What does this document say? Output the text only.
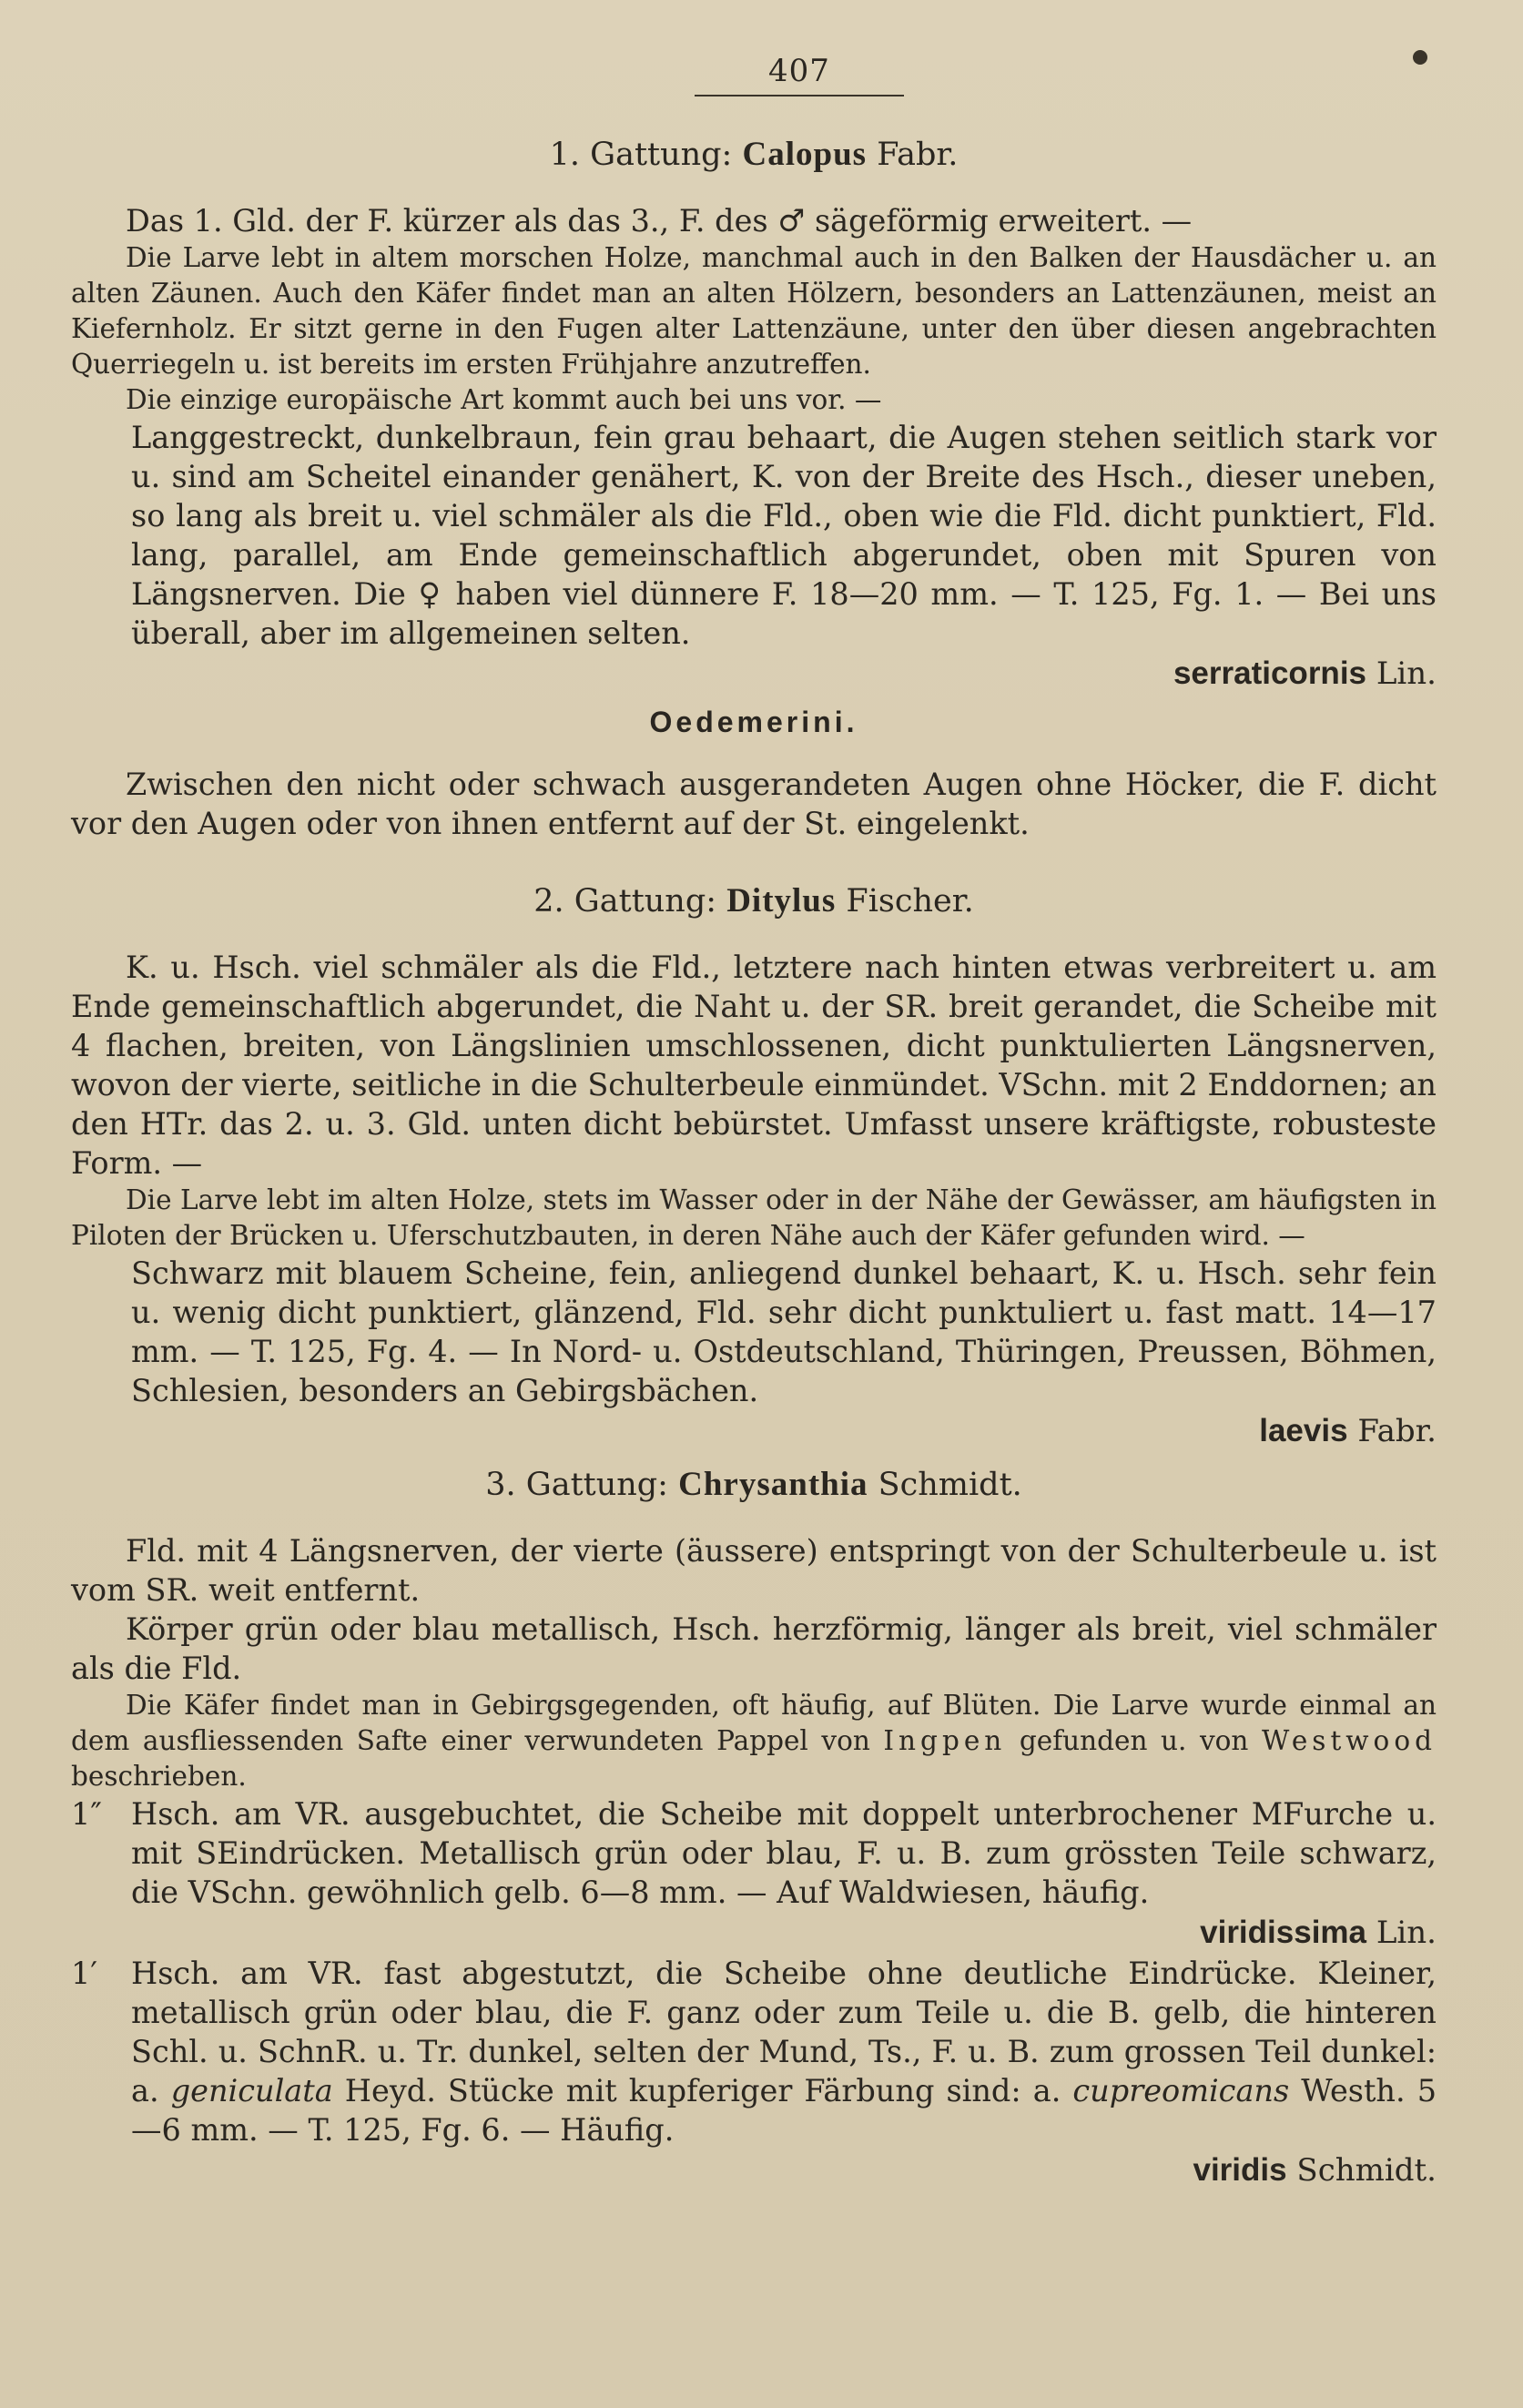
407
1. Gattung: Calopus Fabr.

Das 1. Gld. der F. kürzer als das 3., F. des ♂ sägeförmig erweitert. —

Die Larve lebt in altem morschen Holze, manchmal auch in den Balken der Hausdächer u. an alten Zäunen. Auch den Käfer findet man an alten Hölzern, besonders an Lattenzäunen, meist an Kiefernholz. Er sitzt gerne in den Fugen alter Lattenzäune, unter den über diesen angebrachten Querriegeln u. ist bereits im ersten Frühjahre anzutreffen.

Die einzige europäische Art kommt auch bei uns vor. —

Langgestreckt, dunkelbraun, fein grau behaart, die Augen stehen seitlich stark vor u. sind am Scheitel einander genähert, K. von der Breite des Hsch., dieser uneben, so lang als breit u. viel schmäler als die Fld., oben wie die Fld. dicht punktiert, Fld. lang, parallel, am Ende gemeinschaftlich abgerundet, oben mit Spuren von Längsnerven. Die ♀ haben viel dünnere F. 18—20 mm. — T. 125, Fg. 1. — Bei uns überall, aber im allgemeinen selten.

serraticornis Lin.
Oedemerini.

Zwischen den nicht oder schwach ausgerandeten Augen ohne Höcker, die F. dicht vor den Augen oder von ihnen entfernt auf der St. eingelenkt.

2. Gattung: Ditylus Fischer.

K. u. Hsch. viel schmäler als die Fld., letztere nach hinten etwas verbreitert u. am Ende gemeinschaftlich abgerundet, die Naht u. der SR. breit gerandet, die Scheibe mit 4 flachen, breiten, von Längslinien umschlossenen, dicht punktulierten Längsnerven, wovon der vierte, seitliche in die Schulterbeule einmündet. VSchn. mit 2 Enddornen; an den HTr. das 2. u. 3. Gld. unten dicht bebürstet. Umfasst unsere kräftigste, robusteste Form. —

Die Larve lebt im alten Holze, stets im Wasser oder in der Nähe der Gewässer, am häufigsten in Piloten der Brücken u. Uferschutzbauten, in deren Nähe auch der Käfer gefunden wird. —

Schwarz mit blauem Scheine, fein, anliegend dunkel behaart, K. u. Hsch. sehr fein u. wenig dicht punktiert, glänzend, Fld. sehr dicht punktuliert u. fast matt. 14—17 mm. — T. 125, Fg. 4. — In Nord- u. Ostdeutschland, Thüringen, Preussen, Böhmen, Schlesien, besonders an Gebirgsbächen.

laevis Fabr.
3. Gattung: Chrysanthia Schmidt.

Fld. mit 4 Längsnerven, der vierte (äussere) entspringt von der Schulterbeule u. ist vom SR. weit entfernt.

Körper grün oder blau metallisch, Hsch. herzförmig, länger als breit, viel schmäler als die Fld.

Die Käfer findet man in Gebirgsgegenden, oft häufig, auf Blüten. Die Larve wurde einmal an dem ausfliessenden Safte einer verwundeten Pappel von Ingpen gefunden u. von Westwood beschrieben.

1″ Hsch. am VR. ausgebuchtet, die Scheibe mit doppelt unterbrochener MFurche u. mit SEindrücken. Metallisch grün oder blau, F. u. B. zum grössten Teile schwarz, die VSchn. gewöhnlich gelb. 6—8 mm. — Auf Waldwiesen, häufig.
viridissima Lin.
1′ Hsch. am VR. fast abgestutzt, die Scheibe ohne deutliche Eindrücke. Kleiner, metallisch grün oder blau, die F. ganz oder zum Teile u. die B. gelb, die hinteren Schl. u. SchnR. u. Tr. dunkel, selten der Mund, Ts., F. u. B. zum grossen Teil dunkel: a. geniculata Heyd. Stücke mit kupferiger Färbung sind: a. cupreomicans Westh. 5—6 mm. — T. 125, Fg. 6. — Häufig.
viridis Schmidt.
